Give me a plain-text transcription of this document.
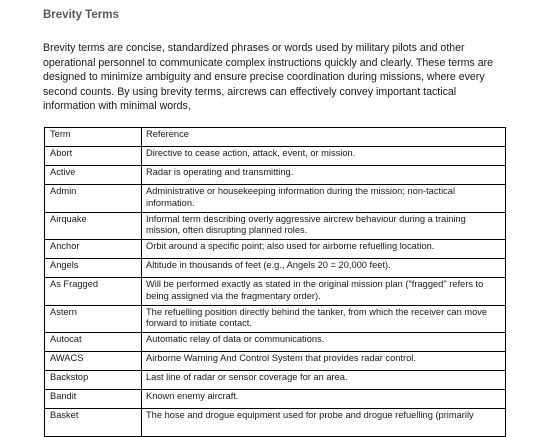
Brevity Terms

Brevity terms are concise, standardized phrases or words used by military pilots and other operational personnel to communicate complex instructions quickly and clearly. These terms are designed to minimize ambiguity and ensure precise coordination during missions, where every second counts. By using brevity terms, aircrews can effectively convey important tactical information with minimal words,

Term	Reference
Abort	Directive to cease action, attack, event, or mission.
Active	Radar is operating and transmitting.
Admin	Administrative or housekeeping information during the mission; non-tactical information.
Airquake	Informal term describing overly aggressive aircrew behaviour during a training mission, often disrupting planned roles.
Anchor	Orbit around a specific point; also used for airborne refuelling location.
Angels	Altitude in thousands of feet (e.g., Angels 20 = 20,000 feet).
As Fragged	Will be performed exactly as stated in the original mission plan ("fragged" refers to being assigned via the fragmentary order).
Astern	The refuelling position directly behind the tanker, from which the receiver can move forward to initiate contact.
Autocat	Automatic relay of data or communications.
AWACS	Airborne Warning And Control System that provides radar control.
Backstop	Last line of radar or sensor coverage for an area.
Bandit	Known enemy aircraft.
Basket	The hose and drogue equipment used for probe and drogue refuelling (primarily
